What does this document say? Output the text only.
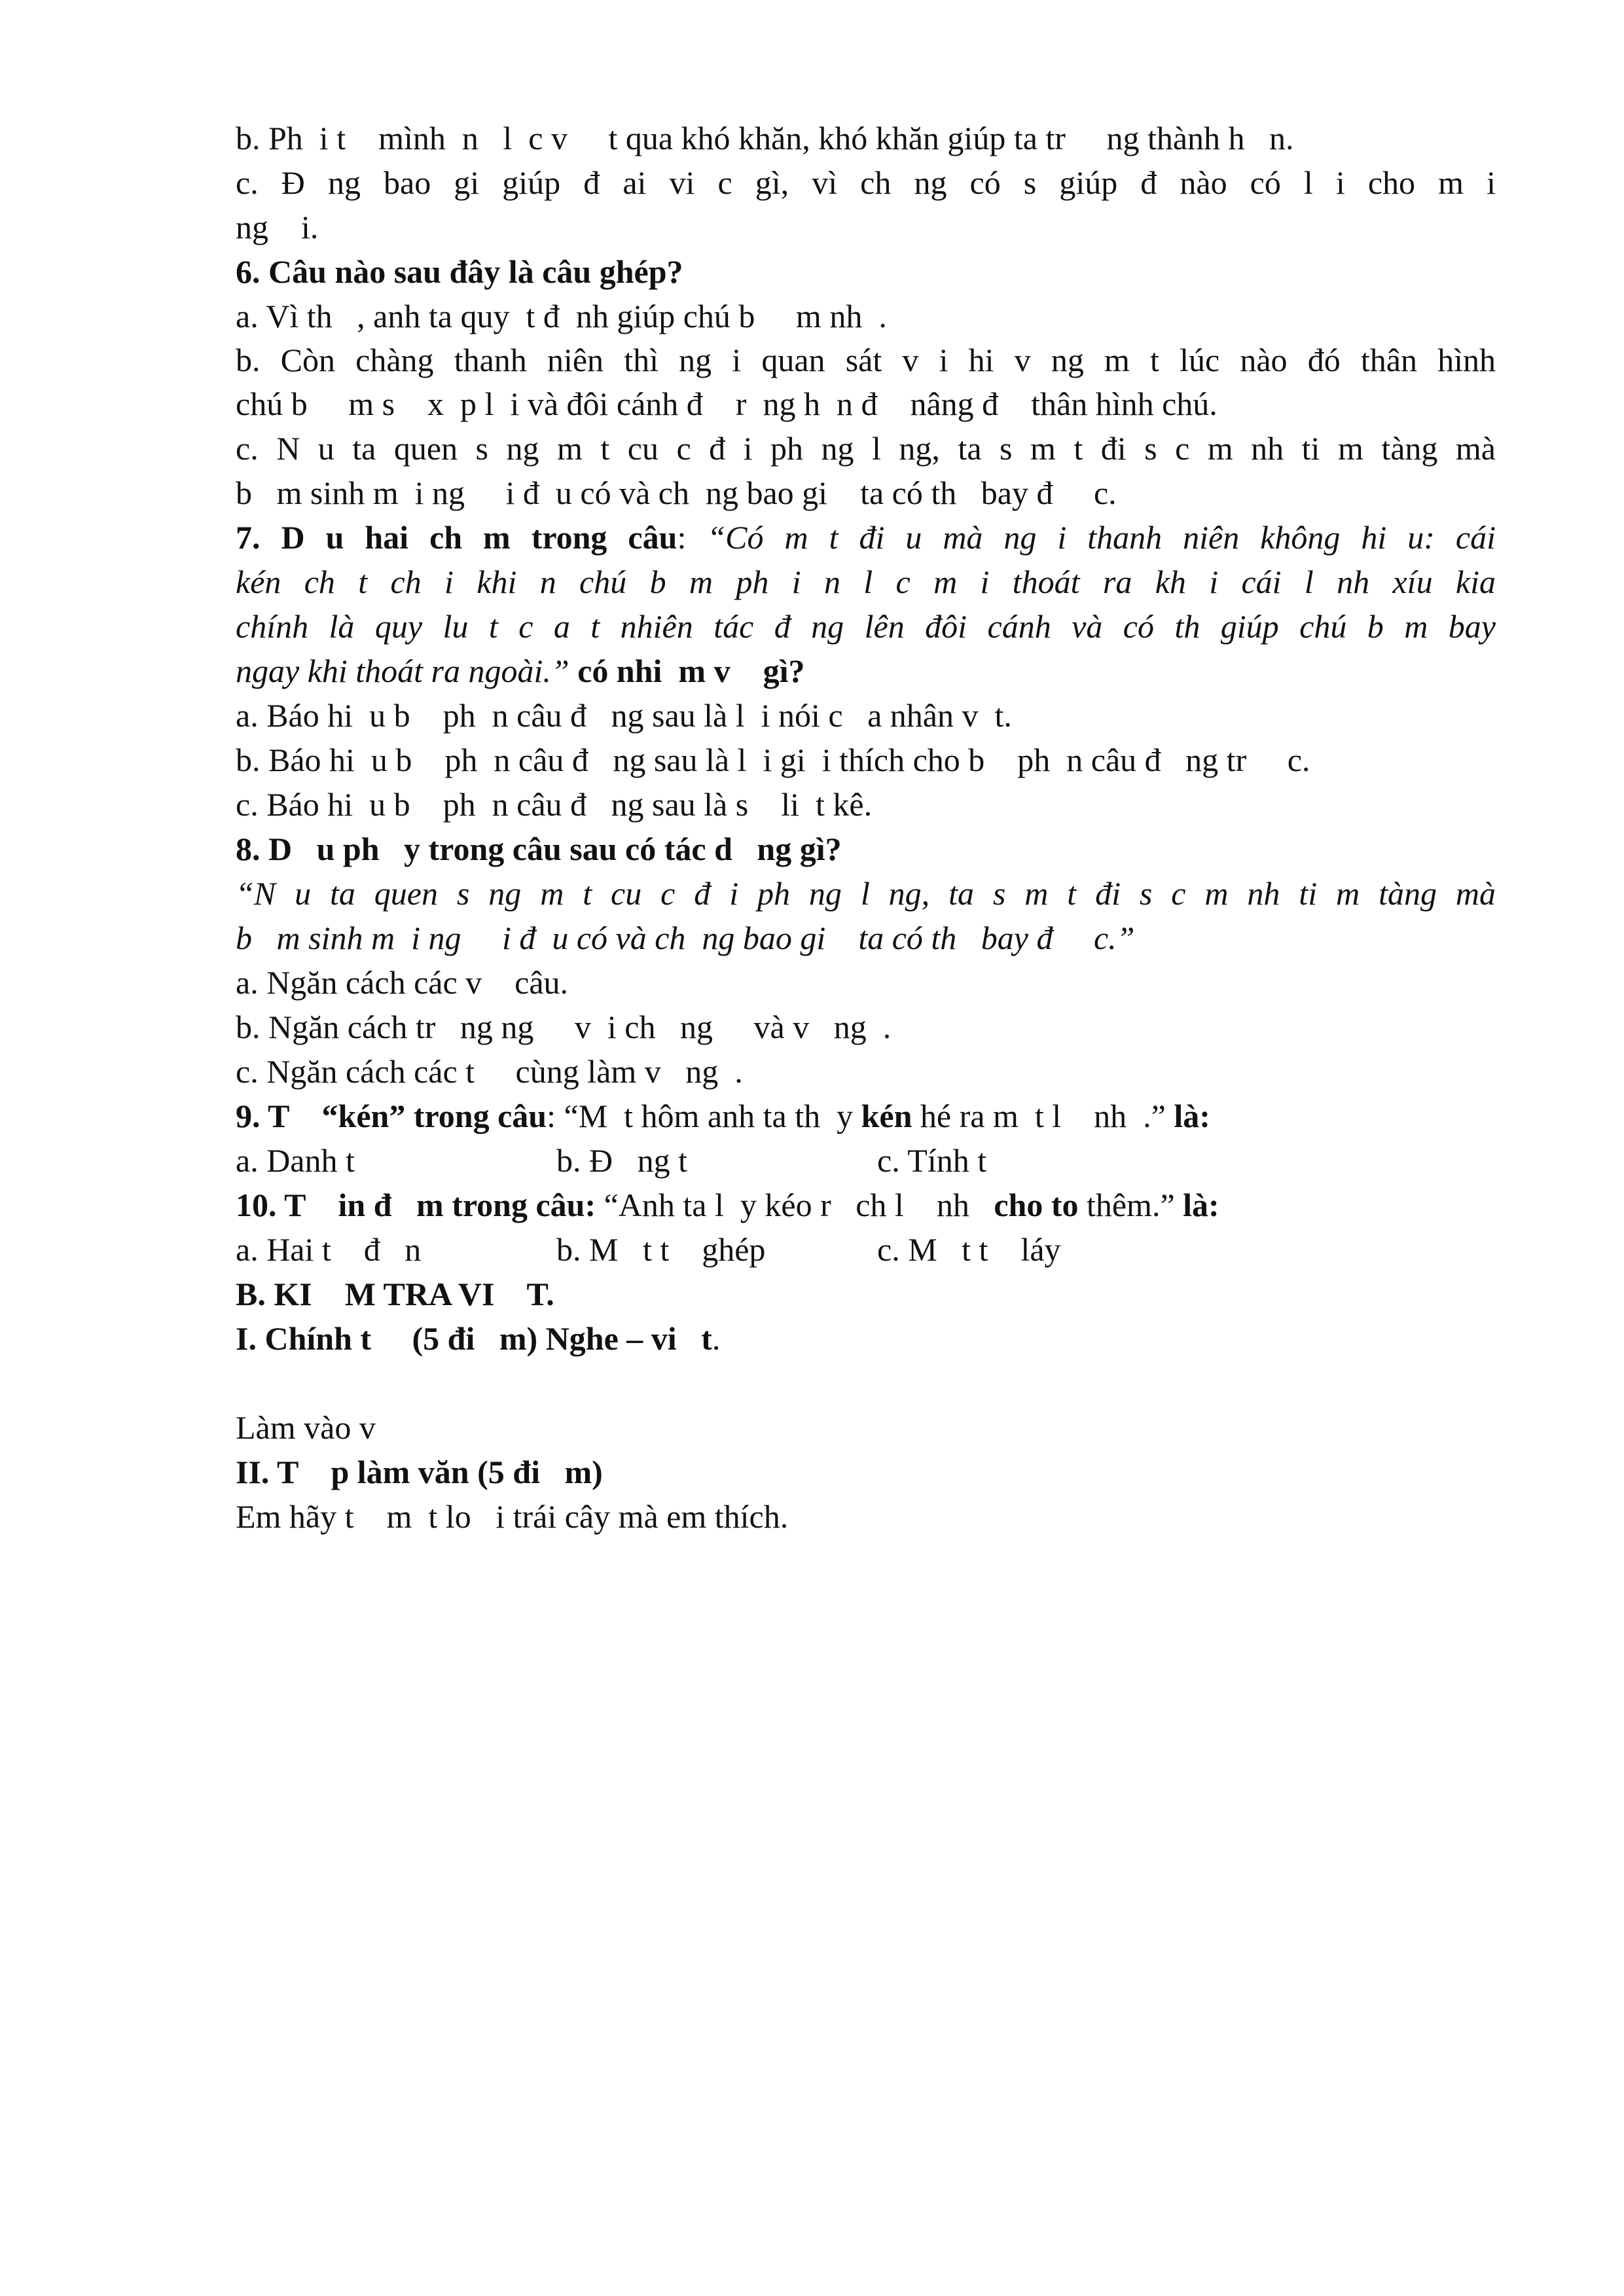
b. Ph  i t    mình  n   l  c v     t qua khó khăn, khó khăn giúp ta tr     ng thành h   n.
c. Đ ng bao gi giúp đ ai vi c gì, vì ch ng có s giúp đ nào có l i cho m i
ng    i.
6. Câu nào sau đây là câu ghép?
a. Vì th   , anh ta quy  t đ  nh giúp chú b     m nh  .
b. Còn chàng thanh niên thì ng i quan sát v i hi v ng m t lúc nào đó thân hình
chú b     m s    x  p l  i và đôi cánh đ    r  ng h  n đ    nâng đ    thân hình chú.
c. N u ta quen s ng m t cu c đ i ph ng l ng, ta s m t đi s c m nh ti m tàng mà
b   m sinh m  i ng     i đ  u có và ch  ng bao gi    ta có th   bay đ     c.
7. D u hai ch m trong câu: “Có m t đi u mà ng i thanh niên không hi u: cái
kén ch t ch i khi n chú b m ph i n l c m i thoát ra kh i cái l nh xíu kia
chính là quy lu t c a t nhiên tác đ ng lên đôi cánh và có th giúp chú b m bay
ngay khi thoát ra ngoài.” có nhi  m v    gì?
a. Báo hi  u b    ph  n câu đ   ng sau là l  i nói c   a nhân v  t.
b. Báo hi  u b    ph  n câu đ   ng sau là l  i gi  i thích cho b    ph  n câu đ   ng tr     c.
c. Báo hi  u b    ph  n câu đ   ng sau là s    li  t kê.
8. D   u ph   y trong câu sau có tác d   ng gì?
“N u ta quen s ng m t cu c đ i ph ng l ng, ta s m t đi s c m nh ti m tàng mà
b   m sinh m  i ng     i đ  u có và ch  ng bao gi    ta có th   bay đ     c.”
a. Ngăn cách các v    câu.
b. Ngăn cách tr   ng ng     v  i ch   ng     và v   ng  .
c. Ngăn cách các t     cùng làm v   ng  .
9. T    “kén” trong câu: “M  t hôm anh ta th  y kén hé ra m  t l    nh  .” là:
a. Danh t	b. Đ   ng t	c. Tính t
10. T    in đ   m trong câu: “Anh ta l  y kéo r   ch l    nh   cho to thêm.” là:
a. Hai t    đ   n	b. M   t t    ghép	c. M   t t    láy
B. KI    M TRA VI    T.
I. Chính t     (5 đi   m) Nghe – vi   t.
Làm vào v
II. T    p làm văn (5 đi   m)
Em hãy t    m  t lo   i trái cây mà em thích.
